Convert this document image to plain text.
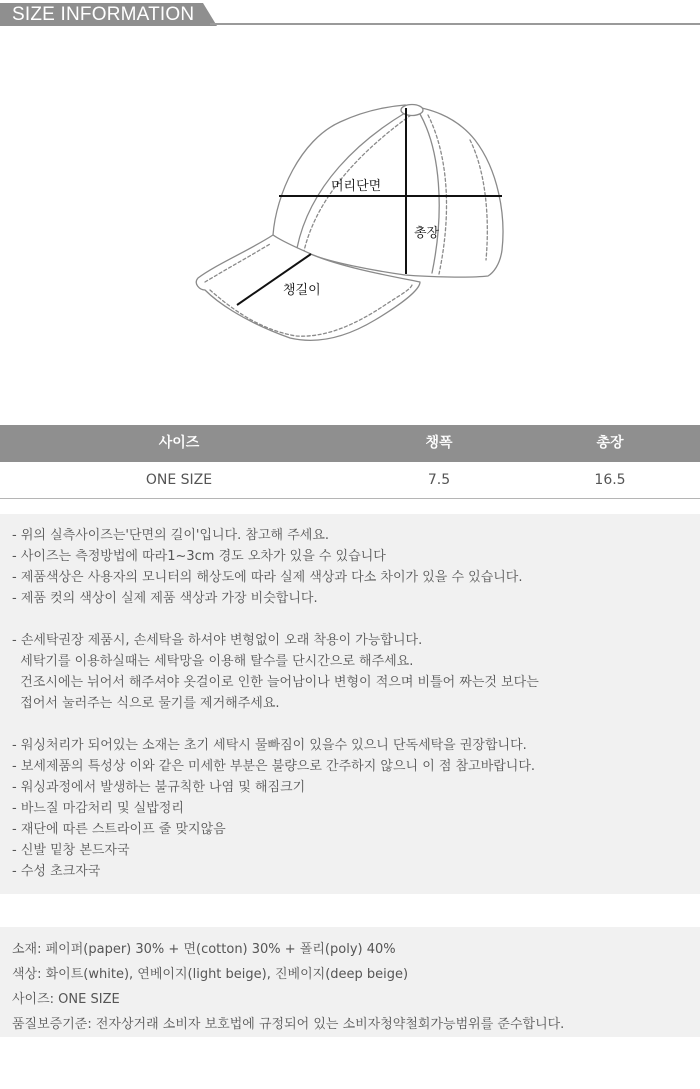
SIZE INFORMATION
머리단면
총장
챙길이
사이즈	챙폭	총장
ONE SIZE	7.5	16.5
- 위의 실측사이즈는'단면의 길이'입니다. 참고해 주세요.
- 사이즈는 측정방법에 따라1~3cm 경도 오차가 있을 수 있습니다
- 제품색상은 사용자의 모니터의 해상도에 따라 실제 색상과 다소 차이가 있을 수 있습니다.
- 제품 컷의 색상이 실제 제품 색상과 가장 비슷합니다.
- 손세탁권장 제품시, 손세탁을 하셔야 변형없이 오래 착용이 가능합니다.
세탁기를 이용하실때는 세탁망을 이용해 탈수를 단시간으로 해주세요.
건조시에는 뉘어서 해주셔야 옷걸이로 인한 늘어남이나 변형이 적으며 비틀어 짜는것 보다는
접어서 눌러주는 식으로 물기를 제거해주세요.
- 워싱처리가 되어있는 소재는 초기 세탁시 물빠짐이 있을수 있으니 단독세탁을 권장합니다.
- 보세제품의 특성상 이와 같은 미세한 부분은 불량으로 간주하지 않으니 이 점 참고바랍니다.
- 워싱과정에서 발생하는 불규칙한 나염 및 해짐크기
- 바느질 마감처리 및 실밥정리
- 재단에 따른 스트라이프 줄 맞지않음
- 신발 밑창 본드자국
- 수성 초크자국
소재: 페이퍼(paper) 30% + 면(cotton) 30% + 폴리(poly) 40%
색상: 화이트(white), 연베이지(light beige), 진베이지(deep beige)
사이즈: ONE SIZE
품질보증기준: 전자상거래 소비자 보호법에 규정되어 있는 소비자청약철회가능범위를 준수합니다.
